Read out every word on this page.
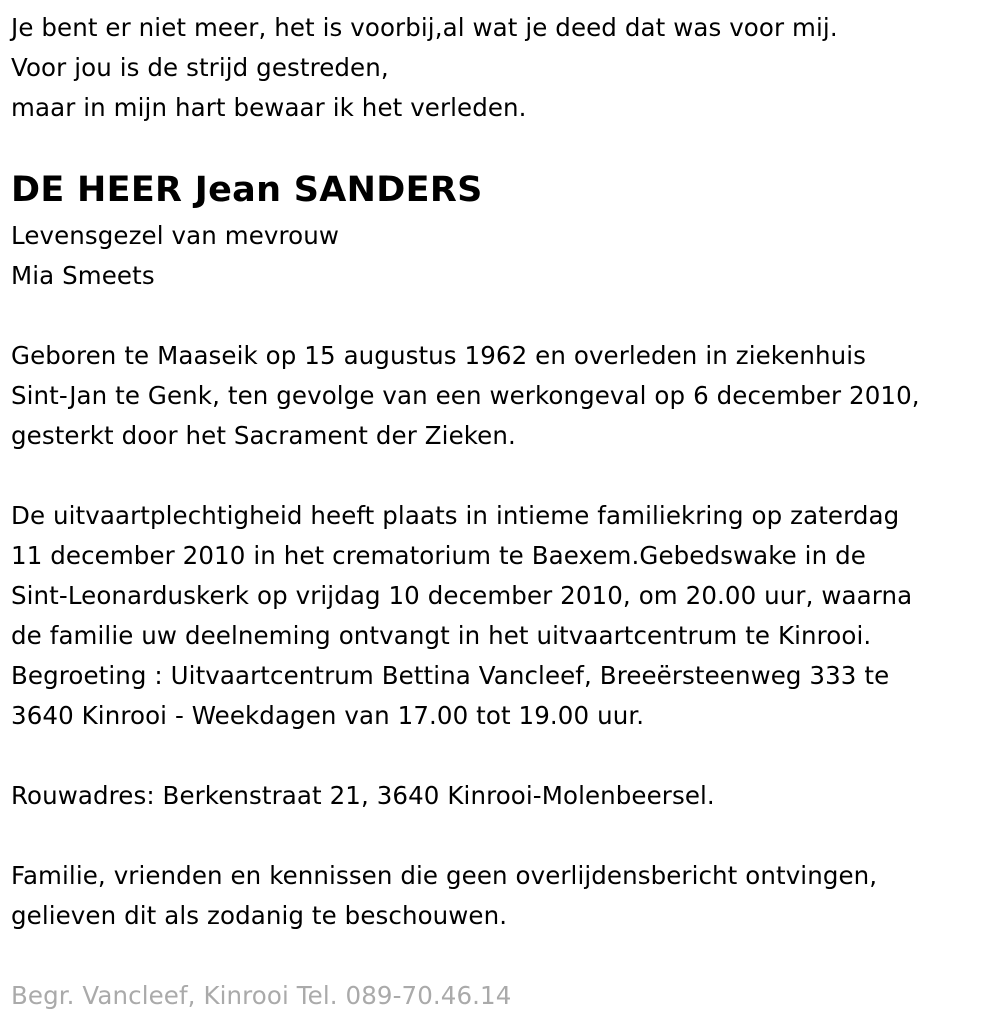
Je bent er niet meer, het is voorbij,al wat je deed dat was voor mij.
Voor jou is de strijd gestreden,
maar in mijn hart bewaar ik het verleden.
DE HEER Jean SANDERS
Levensgezel van mevrouw
Mia Smeets
Geboren te Maaseik op 15 augustus 1962 en overleden in ziekenhuis
Sint-Jan te Genk, ten gevolge van een werkongeval op 6 december 2010,
gesterkt door het Sacrament der Zieken.
De uitvaartplechtigheid heeft plaats in intieme familiekring op zaterdag
11 december 2010 in het crematorium te Baexem.Gebedswake in de
Sint-Leonarduskerk op vrijdag 10 december 2010, om 20.00 uur, waarna
de familie uw deelneming ontvangt in het uitvaartcentrum te Kinrooi.
Begroeting : Uitvaartcentrum Bettina Vancleef, Breeërsteenweg 333 te
3640 Kinrooi - Weekdagen van 17.00 tot 19.00 uur.
Rouwadres: Berkenstraat 21, 3640 Kinrooi-Molenbeersel.
Familie, vrienden en kennissen die geen overlijdensbericht ontvingen,
gelieven dit als zodanig te beschouwen.
Begr. Vancleef, Kinrooi Tel. 089-70.46.14
